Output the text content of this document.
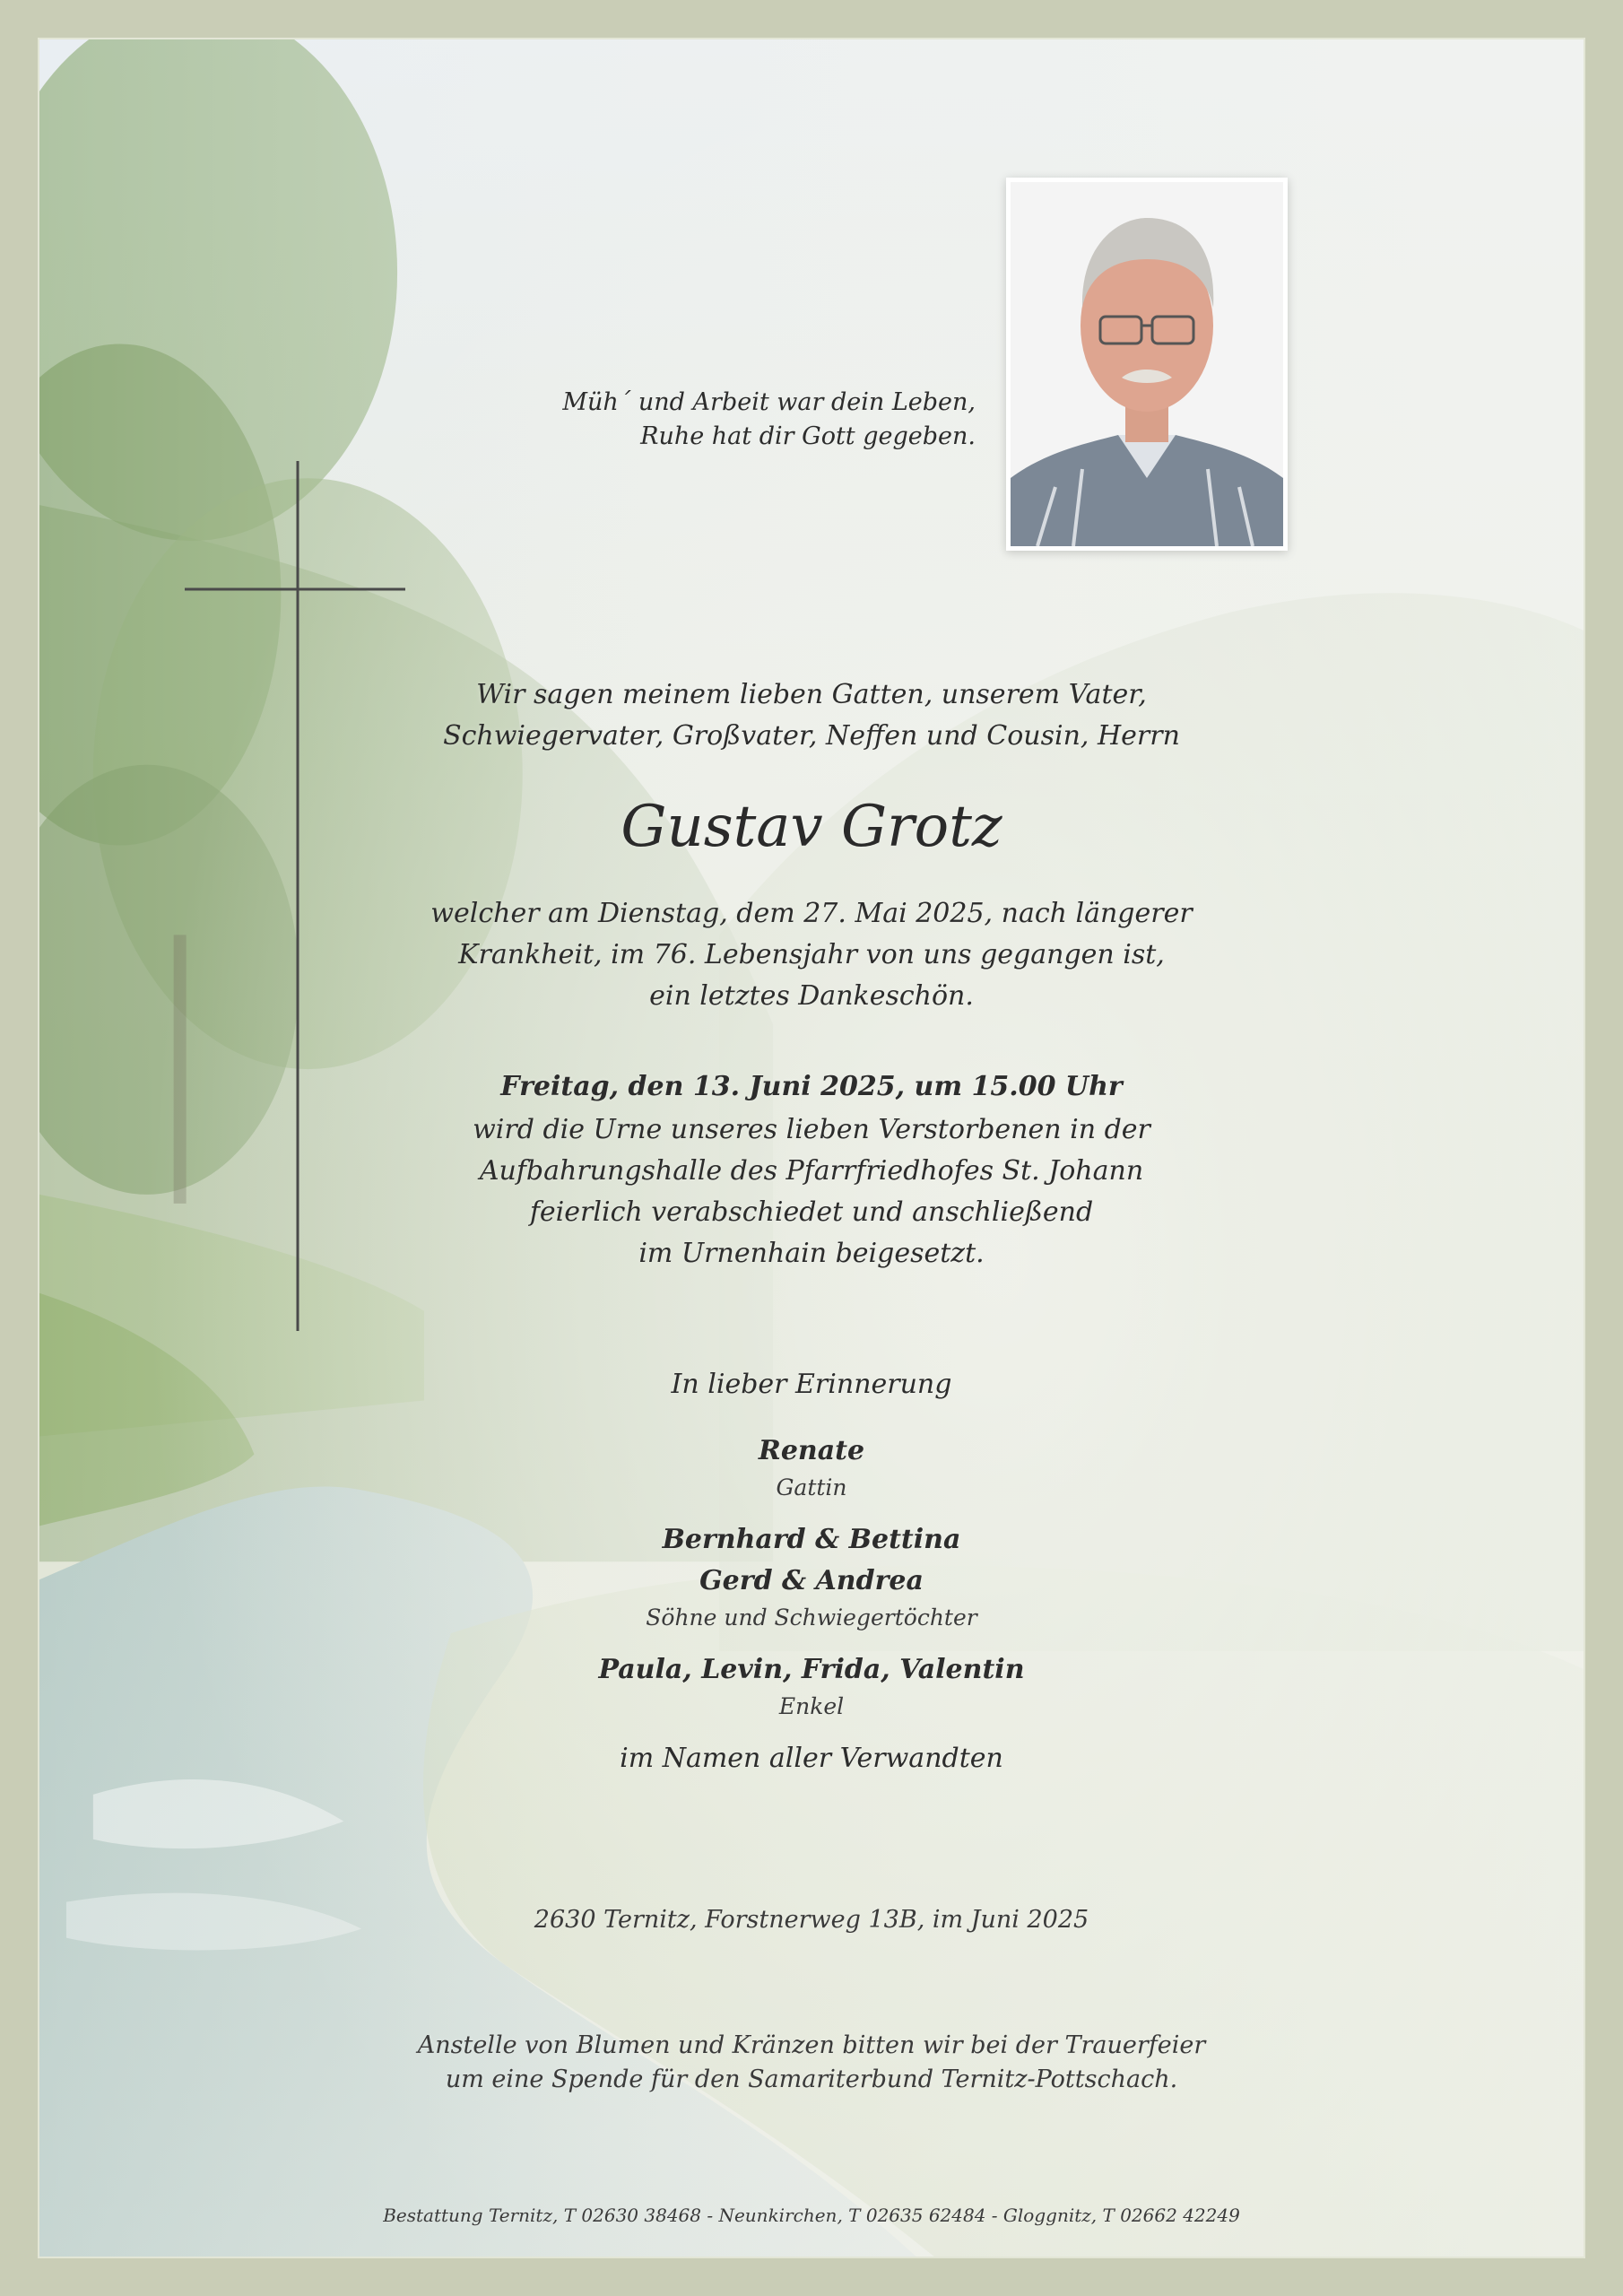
Müh´ und Arbeit war dein Leben,
Ruhe hat dir Gott gegeben.
Wir sagen meinem lieben Gatten, unserem Vater,
Schwiegervater, Großvater, Neffen und Cousin, Herrn
Gustav Grotz
welcher am Dienstag, dem 27. Mai 2025, nach längerer
Krankheit, im 76. Lebensjahr von uns gegangen ist,
ein letztes Dankeschön.
Freitag, den 13. Juni 2025, um 15.00 Uhr
wird die Urne unseres lieben Verstorbenen in der
Aufbahrungshalle des Pfarrfriedhofes St. Johann
feierlich verabschiedet und anschließend
im Urnenhain beigesetzt.
In lieber Erinnerung
Renate
Gattin
Bernhard & Bettina
Gerd & Andrea
Söhne und Schwiegertöchter
Paula, Levin, Frida, Valentin
Enkel
im Namen aller Verwandten
2630 Ternitz, Forstnerweg 13B, im Juni 2025
Anstelle von Blumen und Kränzen bitten wir bei der Trauerfeier
um eine Spende für den Samariterbund Ternitz-Pottschach.
Bestattung Ternitz, T 02630 38468 - Neunkirchen, T 02635 62484 - Gloggnitz, T 02662 42249
